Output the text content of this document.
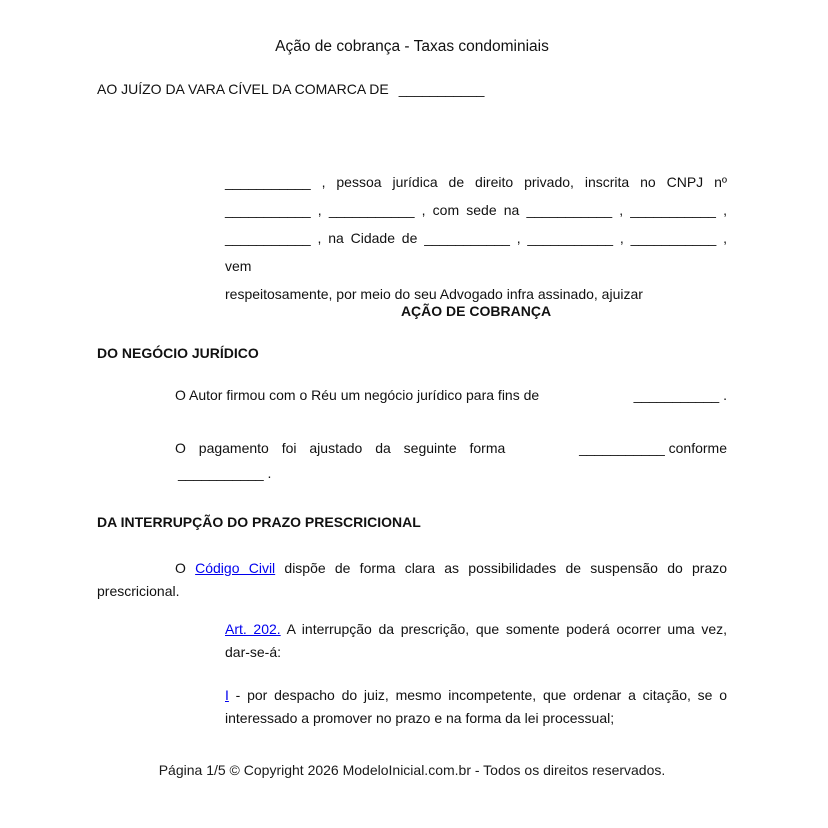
Ação de cobrança - Taxas condominiais
AO JUÍZO DA VARA CÍVEL DA COMARCA DE ___________
___________ , pessoa jurídica de direito privado, inscrita no CNPJ nº
___________ , ___________ , com sede na ___________ , ___________ ,
___________ , na Cidade de ___________ , ___________ , ___________ , vem
respeitosamente, por meio do seu Advogado infra assinado, ajuizar
AÇÃO DE COBRANÇA
DO NEGÓCIO JURÍDICO
O Autor firmou com o Réu um negócio jurídico para fins de	___________ .
O pagamento foi ajustado da seguinte forma	___________ conforme
___________ .
DA INTERRUPÇÃO DO PRAZO PRESCRICIONAL
O Código Civil dispõe de forma clara as possibilidades de suspensão do prazo
prescricional.
Art. 202. A interrupção da prescrição, que somente poderá ocorrer uma vez,
dar-se-á:
I - por despacho do juiz, mesmo incompetente, que ordenar a citação, se o
interessado a promover no prazo e na forma da lei processual;
Página 1/5 © Copyright 2026 ModeloInicial.com.br - Todos os direitos reservados.
